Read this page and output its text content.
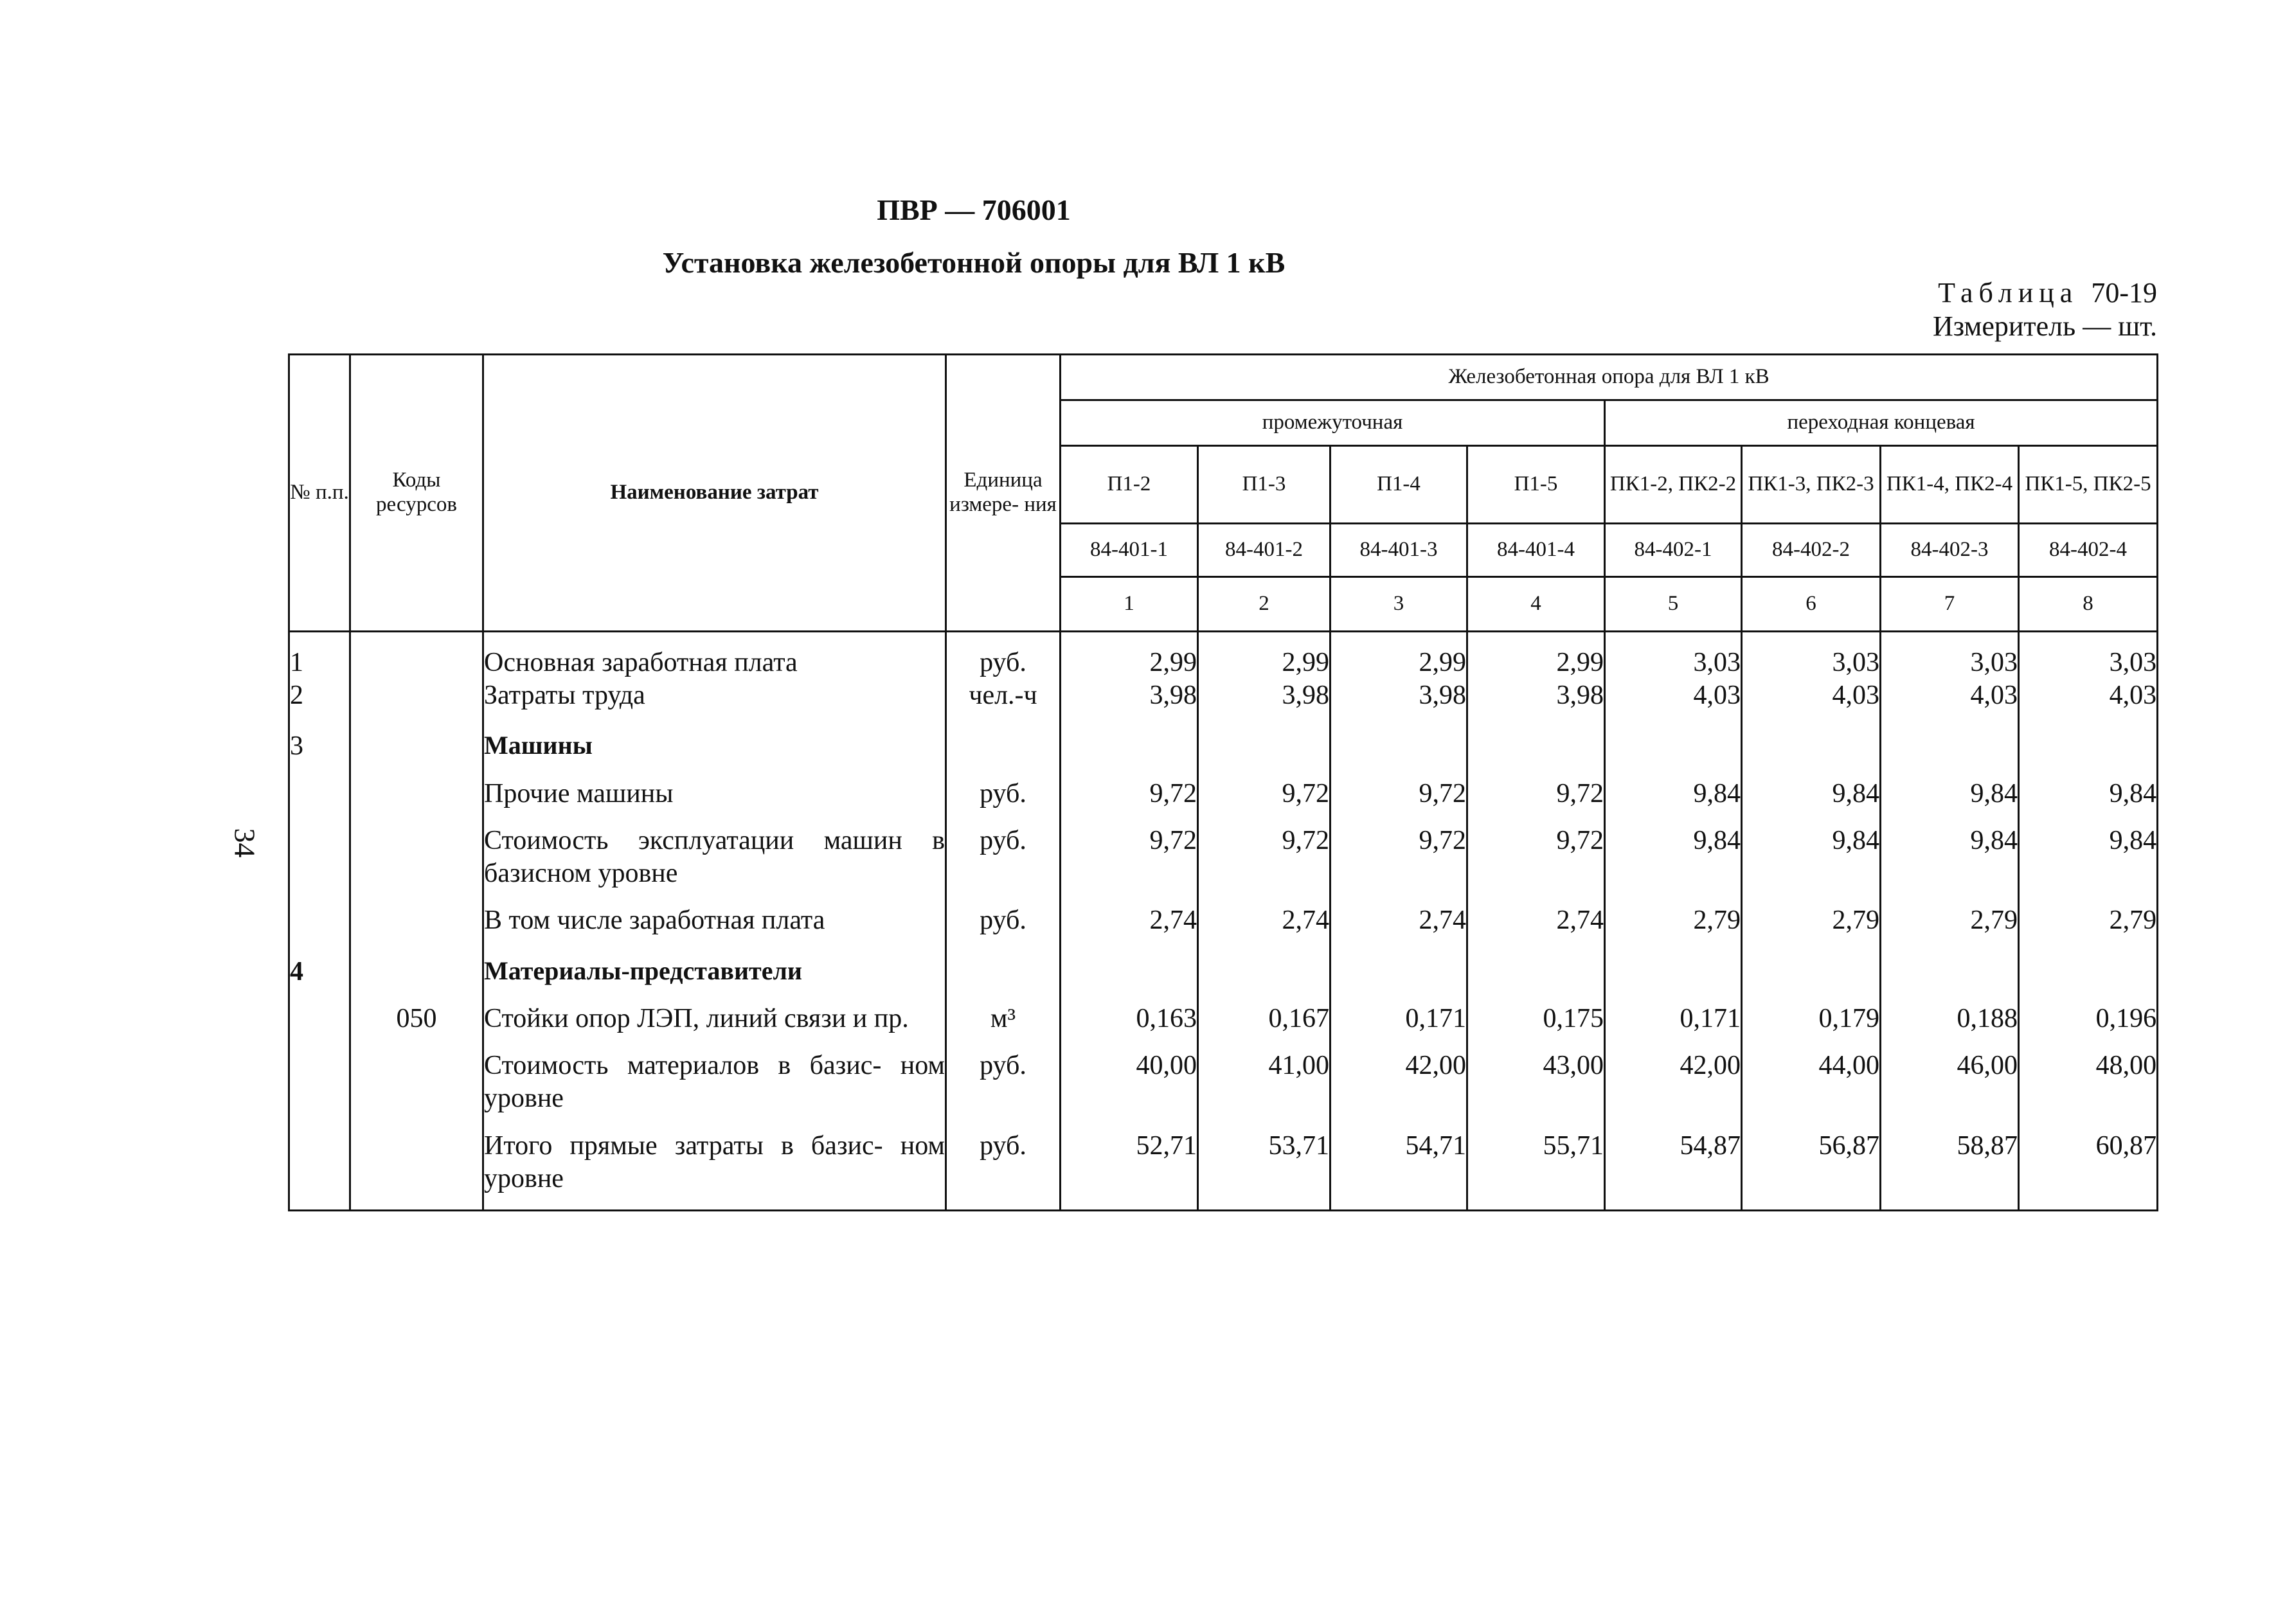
ПВР — 706001
Установка железобетонной опоры для ВЛ 1 кВ
Таблица 70-19
Измеритель — шт.
34
№ п.п.	Коды ресурсов	Наименование затрат	Единица измере- ния	Железобетонная опора для ВЛ 1 кВ							
				промежуточная				переходная концевая			
				П1-2	П1-3	П1-4	П1-5	ПК1-2, ПК2-2	ПК1-3, ПК2-3	ПК1-4, ПК2-4	ПК1-5, ПК2-5
				84-401-1	84-401-2	84-401-3	84-401-4	84-402-1	84-402-2	84-402-3	84-402-4
				1	2	3	4	5	6	7	8
1		Основная заработная плата	руб.	2,99	2,99	2,99	2,99	3,03	3,03	3,03	3,03
2		Затраты труда	чел.-ч	3,98	3,98	3,98	3,98	4,03	4,03	4,03	4,03
3		Машины									
		Прочие машины	руб.	9,72	9,72	9,72	9,72	9,84	9,84	9,84	9,84

		Стоимость эксплуатации машин в базисном уровне	руб.	9,72	9,72	9,72	9,72	9,84	9,84	9,84	9,84
		В том числе заработная плата	руб.	2,74	2,74	2,74	2,74	2,79	2,79	2,79	2,79
4		Материалы-представители									
	050	Стойки опор ЛЭП, линий связи и пр.	м³	0,163	0,167	0,171	0,175	0,171	0,179	0,188	0,196

		Стоимость материалов в базис- ном уровне	руб.	40,00	41,00	42,00	43,00	42,00	44,00	46,00	48,00

		Итого прямые затраты в базис- ном уровне	руб.	52,71	53,71	54,71	55,71	54,87	56,87	58,87	60,87
